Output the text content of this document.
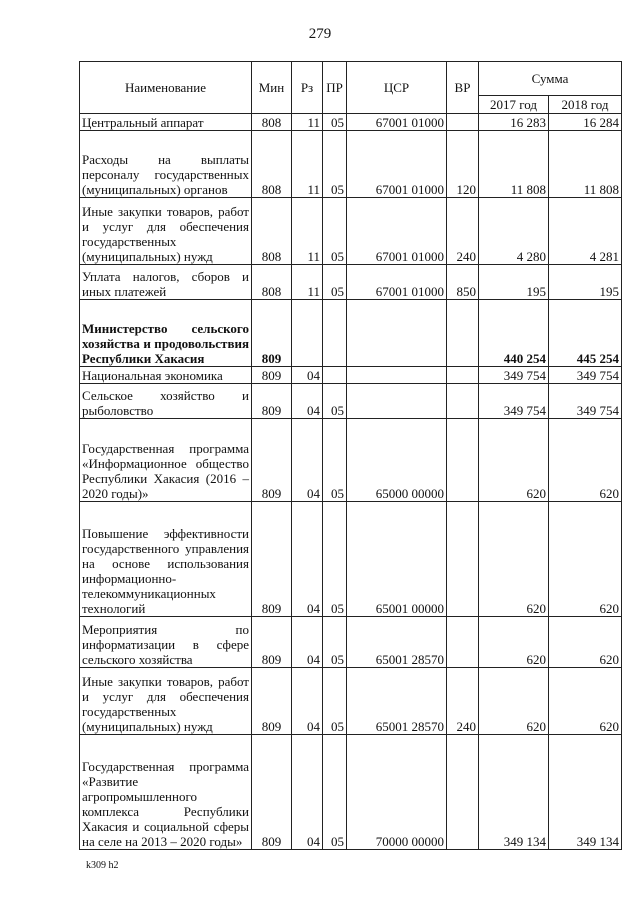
279
Наименование	Мин	Рз	ПР	ЦСР	ВР	Сумма	
						2017 год	2018 год
Центральный аппарат	808	11	05	67001 01000		16 283	16 284
Расходы на выплаты персоналу государственных (муниципальных) органов	808	11	05	67001 01000	120	11 808	11 808
Иные закупки товаров, работ и услуг для обеспечения государственных (муниципальных) нужд	808	11	05	67001 01000	240	4 280	4 281
Уплата налогов, сборов и иных платежей	808	11	05	67001 01000	850	195	195
Министерство сельского хозяйства и продовольствия Республики Хакасия	809					440 254	445 254
Национальная экономика	809	04				349 754	349 754
Сельское хозяйство и рыболовство	809	04	05			349 754	349 754
Государственная программа «Информационное общество Республики Хакасия (2016 – 2020 годы)»	809	04	05	65000 00000		620	620
Повышение эффективности государственного управления на основе использования информационно-телекоммуникационных технологий	809	04	05	65001 00000		620	620
Мероприятия по информатизации в сфере сельского хозяйства	809	04	05	65001 28570		620	620
Иные закупки товаров, работ и услуг для обеспечения государственных (муниципальных) нужд	809	04	05	65001 28570	240	620	620
Государственная программа «Развитие агропромышленного комплекса Республики Хакасия и социальной сферы на селе на 2013 – 2020 годы»	809	04	05	70000 00000		349 134	349 134
k309 h2
